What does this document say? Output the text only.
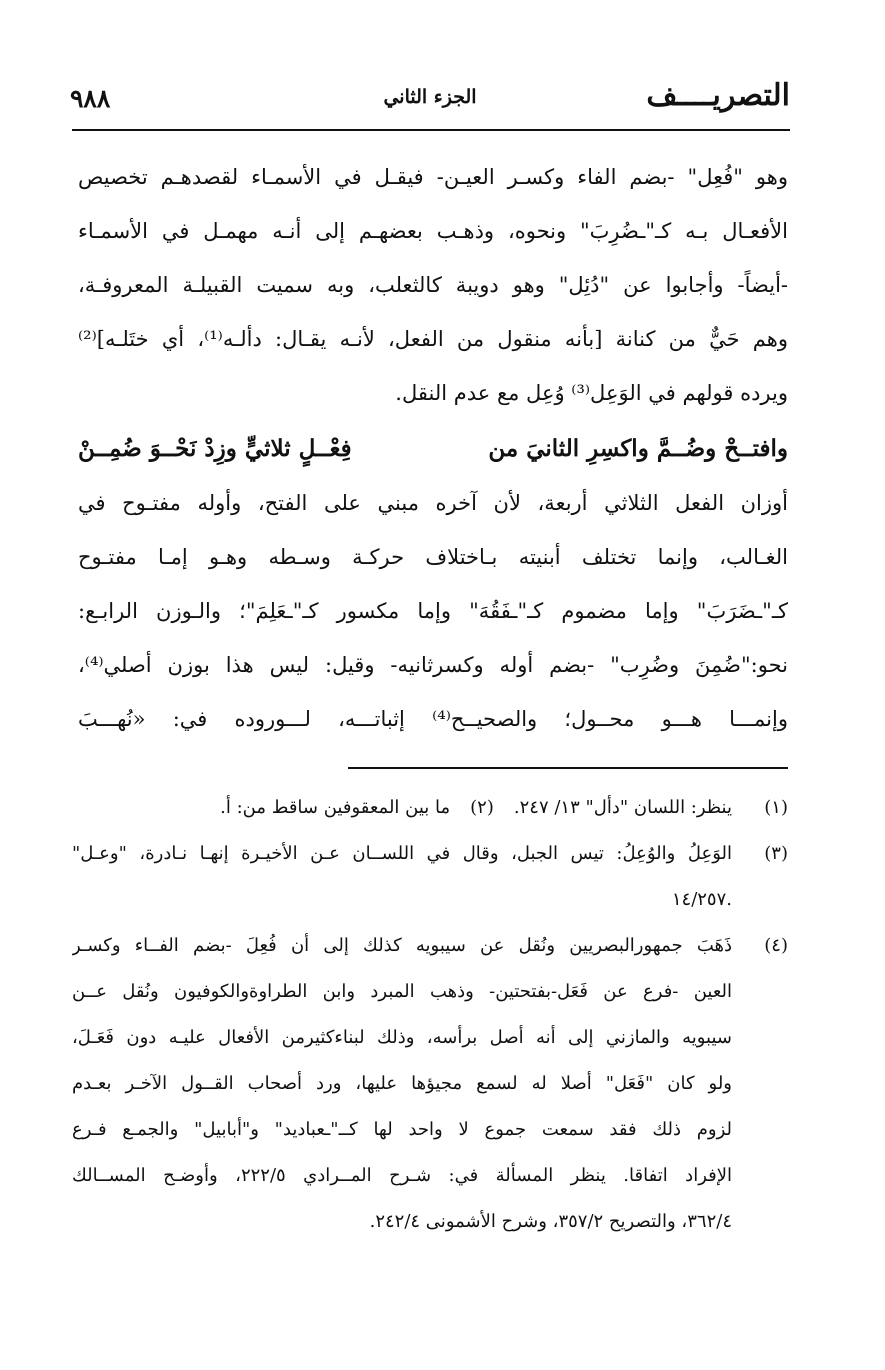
التصريــــف
الجزء الثاني
٩٨٨
وهو "فُعِل" -بضم الفاء وكسـر العيـن- فيقـل في الأسمـاء لقصدهـم تخصيص
الأفعـال بـه كـ"ـضُرِبَ" ونحوه، وذهـب بعضهـم إلى أنـه مهمـل في الأسمـاء
-أيضاً- وأجابوا عن "دُئِل" وهو دويبة كالثعلب، وبه سميت القبيلـة المعروفـة،
وهم حَيٌّ من كنانة [بأنه منقول من الفعل، لأنـه يقـال: دألـه⁽¹⁾، أي ختَلـه]⁽²⁾
ويرده قولهم في الوَعِل⁽³⁾ وُعِل مع عدم النقل.
وافتــحْ وضُــمَّ واكسِرِ الثانيَ من
فِعْــلٍ ثلاثيٍّ وزِدْ نَحْــوَ ضُمِــنْ
أوزان الفعل الثلاثي أربعة، لأن آخره مبني على الفتح، وأوله مفتـوح في
الغـالب، وإنما تختلف أبنيته بـاختلاف حركـة وسـطه وهـو إمـا مفتـوح
كـ"ـضَرَبَ" وإما مضموم كـ"ـفَقُهَ" وإما مكسور كـ"ـعَلِمَ"؛ والـوزن الرابـع:
نحو:"ضُمِنَ وضُرِب" -بضم أوله وكسرثانيه- وقيل: ليس هذا بوزن أصلي⁽⁴⁾،
وإنمـــا هـــو محــول؛ والصحيــح⁽⁴⁾ إثباتـــه، لـــوروده في: «نُهـــبَ
(١)
ينظر: اللسان "دأل" ١٣/ ٢٤٧.
(٢)
ما بين المعقوفين ساقط من: أ.
(٣)
الوَعِلُ والوُعِلُ: تيس الجبل، وقال في اللســان عـن الأخيـرة إنهـا نـادرة، "وعـل"
.١٤/٢٥٧
(٤)
ذَهَبَ جمهورالبصريين ونُقل عن سيبويه كذلك إلى أن فُعِلَ -بضم الفــاء وكسـر
العين -فرع عن فَعَل-بفتحتين- وذهب المبرد وابن الطراوةوالكوفيون ونُقل عــن
سيبويه والمازني إلى أنه أصل برأسه، وذلك لبناءكثيرمن الأفعال عليـه دون فَعَـلَ،
ولو كان "فَعَل" أصلا له لسمع مجيؤها عليها، ورد أصحاب القــول الآخـر بعـدم
لزوم ذلك فقد سمعت جموع لا واحد لها كــ"ـعباديد" و"أبابيل" والجمـع فـرع
الإفراد اتفاقا. ينظر المسألة في: شـرح المــرادي ٢٢٢/٥، وأوضـح المســالك
٣٦٢/٤، والتصريح ٣٥٧/٢، وشرح الأشمونى ٢٤٢/٤.
